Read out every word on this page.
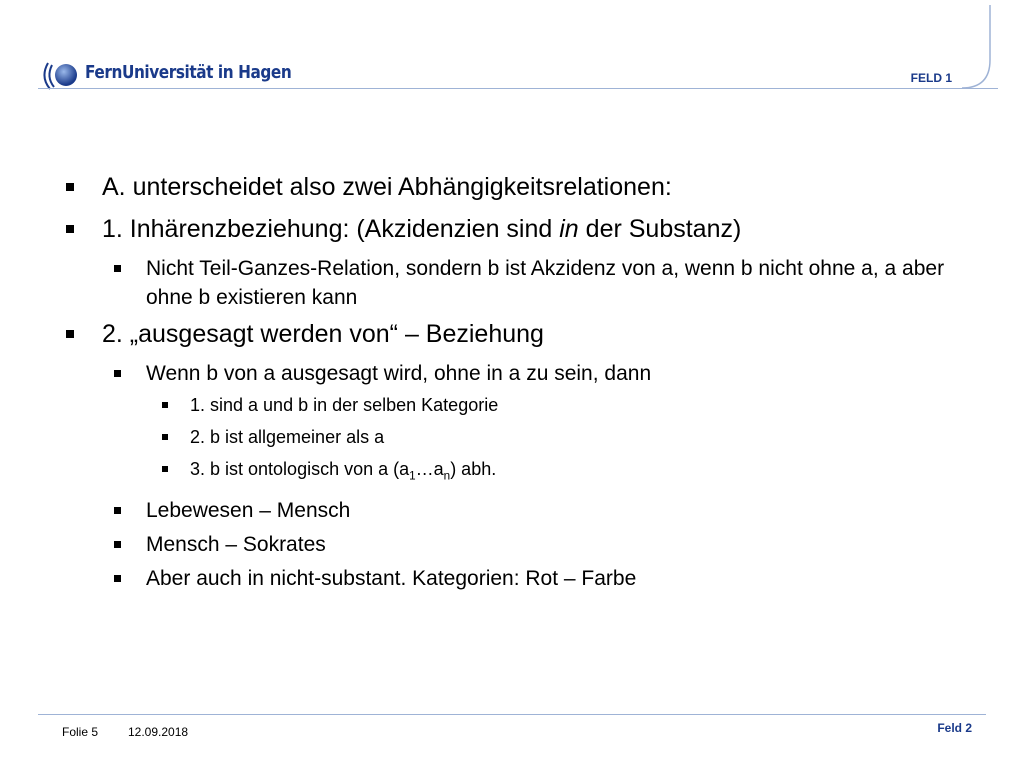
FernUniversität in Hagen	FELD 1
A. unterscheidet also zwei Abhängigkeitsrelationen:
1. Inhärenzbeziehung: (Akzidenzien sind in der Substanz)
Nicht Teil-Ganzes-Relation, sondern b ist Akzidenz von a, wenn b nicht ohne a, a aber ohne b existieren kann
2. „ausgesagt werden von“ – Beziehung
Wenn b von a ausgesagt wird, ohne in a zu sein, dann
1. sind a und b in der selben Kategorie
2. b ist allgemeiner als a
3. b ist ontologisch von a $(a_1\dots a_n)$ abh.
Lebewesen – Mensch
Mensch – Sokrates
Aber auch in nicht-substant. Kategorien: Rot – Farbe
Folie 5 12.09.2018	Feld 2
